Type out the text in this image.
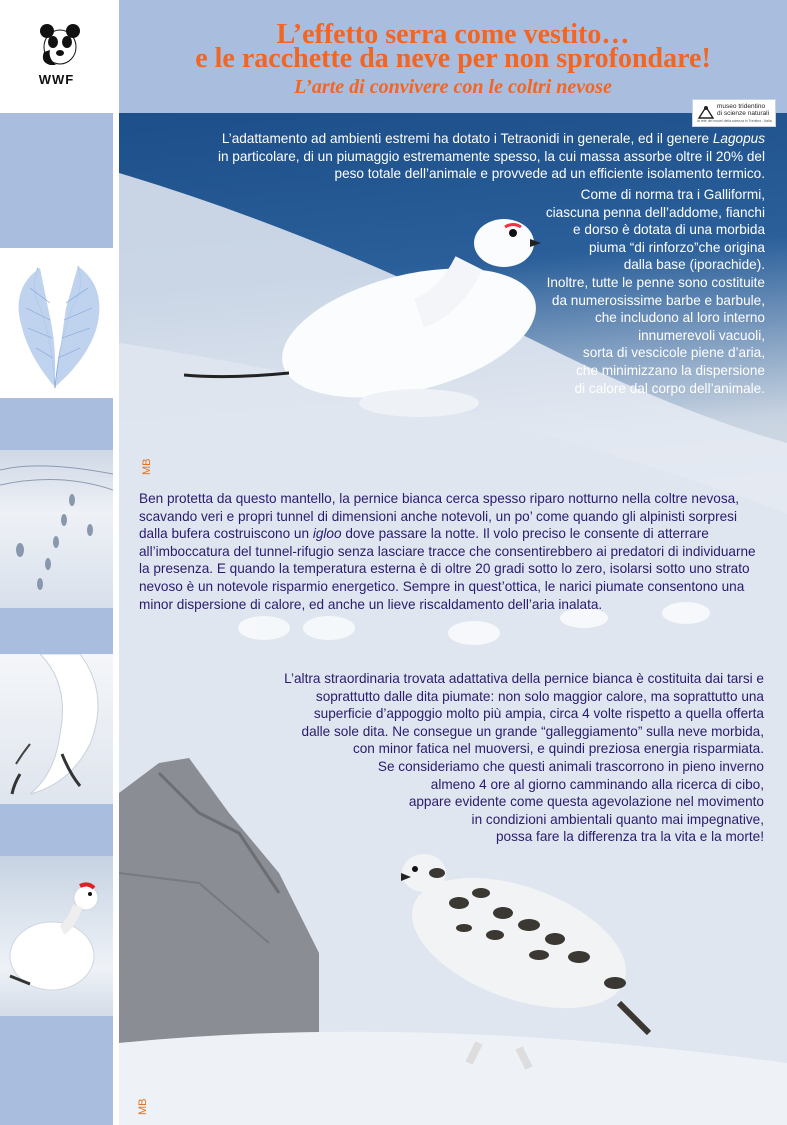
WWF
L’effetto serra come vestito…
e le racchette da neve per non sprofondare!
L’arte di convivere con le coltri nevose
L’adattamento ad ambienti estremi ha dotato i Tetraonidi in generale, ed il genere Lagopus in particolare, di un piumaggio estremamente spesso, la cui massa assorbe oltre il 20% del peso totale dell’animale e provvede ad un efficiente isolamento termico.
Come di norma tra i Galliformi,
ciascuna penna dell’addome, fianchi
e dorso è dotata di una morbida
piuma “di rinforzo”che origina
dalla base (iporachide).
Inoltre, tutte le penne sono costituite
da numerosissime barbe e barbule,
che includono al loro interno
innumerevoli vacuoli,
sorta di vescicole piene d’aria,
che minimizzano la dispersione
di calore dal corpo dell’animale.
Ben protetta da questo mantello, la pernice bianca cerca spesso riparo notturno nella coltre nevosa, scavando veri e propri tunnel di dimensioni anche notevoli, un po’ come quando gli alpinisti sorpresi dalla bufera costruiscono un igloo dove passare la notte. Il volo preciso le consente di atterrare all’imboccatura del tunnel-rifugio senza lasciare tracce che consentirebbero ai predatori di individuarne la presenza. E quando la temperatura esterna è di oltre 20 gradi sotto lo zero, isolarsi sotto uno strato nevoso è un notevole risparmio energetico. Sempre in quest’ottica, le narici piumate consentono una minor dispersione di calore, ed anche un lieve riscaldamento dell’aria inalata.
L’altra straordinaria trovata adattativa della pernice bianca è costituita dai tarsi e
soprattutto dalle dita piumate: non solo maggior calore, ma soprattutto una
superficie d’appoggio molto più ampia, circa 4 volte rispetto a quella offerta
dalle sole dita. Ne consegue un grande “galleggiamento” sulla neve morbida,
con minor fatica nel muoversi, e quindi preziosa energia risparmiata.
Se consideriamo che questi animali trascorrono in pieno inverno
almeno 4 ore al giorno camminando alla ricerca di cibo,
appare evidente come questa agevolazione nel movimento
in condizioni ambientali quanto mai impegnative,
possa fare la differenza tra la vita e la morte!
MB
MB
museo tridentino
di scienze naturali
la rete dei musei della scienza in Trentino - Italia
